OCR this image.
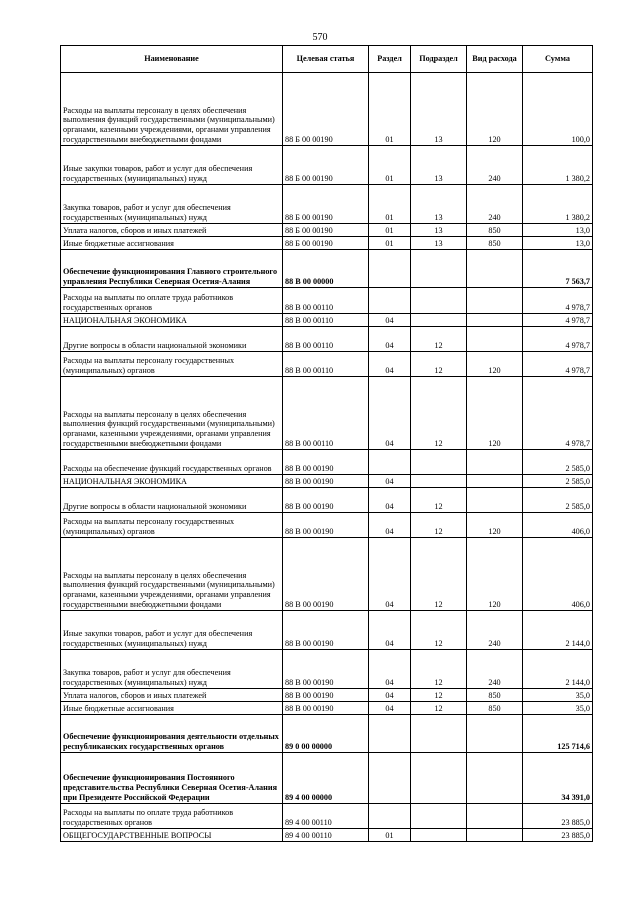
570
Наименование	Целевая статья	Раздел	Подраздел	Вид расхода	Сумма
Расходы на выплаты персоналу в целях обеспечения выполнения функций государственными (муниципальными) органами, казенными учреждениями, органами управления государственными внебюджетными фондами	88 Б 00 00190	01	13	120	100,0
Иные закупки товаров, работ и услуг для обеспечения государственных (муниципальных) нужд	88 Б 00 00190	01	13	240	1 380,2
Закупка товаров, работ и услуг для обеспечения государственных (муниципальных) нужд	88 Б 00 00190	01	13	240	1 380,2
Уплата налогов, сборов и иных платежей	88 Б 00 00190	01	13	850	13,0
Иные бюджетные ассигнования	88 Б 00 00190	01	13	850	13,0
Обеспечение функционирования Главного строительного управления Республики Северная Осетия-Алания	88 В 00 00000				7 563,7
Расходы на выплаты по оплате труда работников государственных органов	88 В 00 00110				4 978,7
НАЦИОНАЛЬНАЯ ЭКОНОМИКА	88 В 00 00110	04			4 978,7
Другие вопросы в области национальной экономики	88 В 00 00110	04	12		4 978,7
Расходы на выплаты персоналу государственных (муниципальных) органов	88 В 00 00110	04	12	120	4 978,7
Расходы на выплаты персоналу в целях обеспечения выполнения функций государственными (муниципальными) органами, казенными учреждениями, органами управления государственными внебюджетными фондами	88 В 00 00110	04	12	120	4 978,7
Расходы на обеспечение функций государственных органов	88 В 00 00190				2 585,0
НАЦИОНАЛЬНАЯ ЭКОНОМИКА	88 В 00 00190	04			2 585,0
Другие вопросы в области национальной экономики	88 В 00 00190	04	12		2 585,0
Расходы на выплаты персоналу государственных (муниципальных) органов	88 В 00 00190	04	12	120	406,0
Расходы на выплаты персоналу в целях обеспечения выполнения функций государственными (муниципальными) органами, казенными учреждениями, органами управления государственными внебюджетными фондами	88 В 00 00190	04	12	120	406,0
Иные закупки товаров, работ и услуг для обеспечения государственных (муниципальных) нужд	88 В 00 00190	04	12	240	2 144,0
Закупка товаров, работ и услуг для обеспечения государственных (муниципальных) нужд	88 В 00 00190	04	12	240	2 144,0
Уплата налогов, сборов и иных платежей	88 В 00 00190	04	12	850	35,0
Иные бюджетные ассигнования	88 В 00 00190	04	12	850	35,0
Обеспечение функционирования деятельности отдельных республиканских государственных органов	89 0 00 00000				125 714,6
Обеспечение функционирования Постоянного представительства Республики Северная Осетия-Алания при Президенте Российской Федерации	89 4 00 00000				34 391,0
Расходы на выплаты по оплате труда работников государственных органов	89 4 00 00110				23 885,0
ОБЩЕГОСУДАРСТВЕННЫЕ ВОПРОСЫ	89 4 00 00110	01			23 885,0
